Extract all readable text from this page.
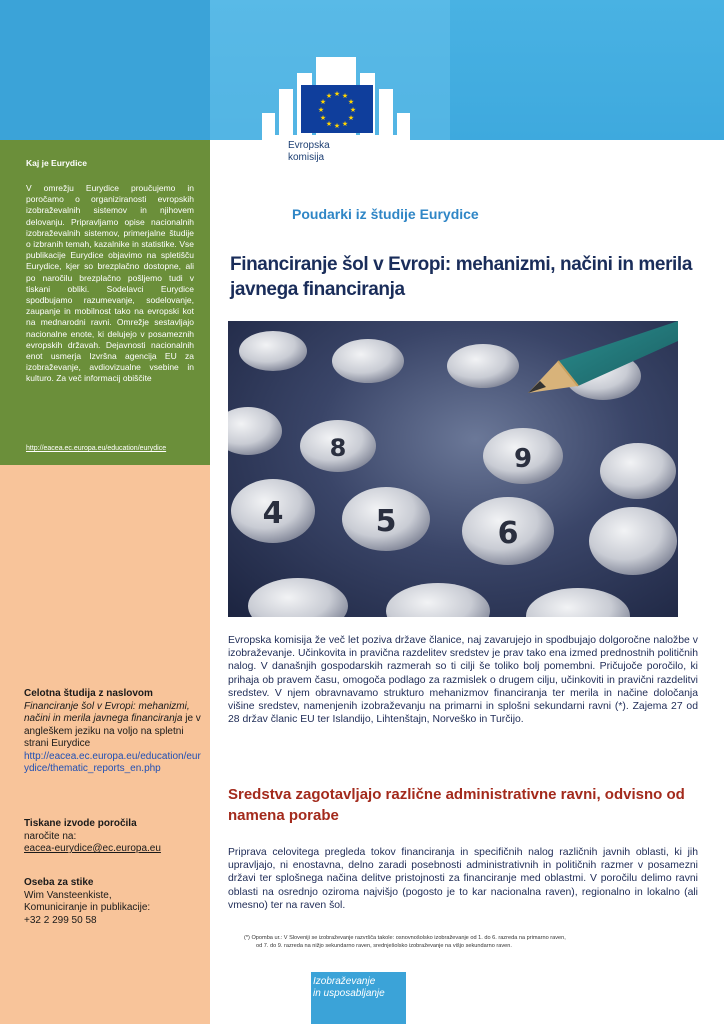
★ ★
★
★
★
★
★
★
★
★
★
★
Evropska
komisija
Kaj je Eurydice
V omrežju Eurydice proučujemo in poročamo o organiziranosti evropskih izobraževalnih sistemov in njihovem delovanju. Pripravljamo opise nacionalnih izobraževalnih sistemov, primerjalne študije o izbranih temah, kazalnike in statistike. Vse publikacije Eurydice objavimo na spletišču Eurydice, kjer so brezplačno dostopne, ali po naročilu brezplačno pošljemo tudi v tiskani obliki. Sodelavci Eurydice spodbujamo razumevanje, sodelovanje, zaupanje in mobilnost tako na evropski kot na mednarodni ravni. Omrežje sestavljajo nacionalne enote, ki delujejo v posameznih evropskih državah. Dejavnosti nacionalnih enot usmerja Izvršna agencija EU za izobraževanje, avdiovizualne vsebine in kulturo. Za več informacij obiščite
http://eacea.ec.europa.eu/education/eurydice
Celotna študija z naslovom
Financiranje šol v Evropi: mehanizmi, načini in merila javnega financiranja je v angleškem jeziku na voljo na spletni strani Eurydice
http://eacea.ec.europa.eu/education/eurydice/thematic_reports_en.php
Tiskane izvode poročila
naročite na:
eacea-eurydice@ec.europa.eu
Oseba za stike
Wim Vansteenkiste,
Komuniciranje in publikacije:
+32 2 299 50 58
Poudarki iz študije Eurydice
Financiranje šol v Evropi: mehanizmi, načini in merila javnega financiranja
8	9
4	5	6
Evropska komisija že več let poziva države članice, naj zavarujejo in spodbujajo dolgoročne naložbe v izobraževanje. Učinkovita in pravična razdelitev sredstev je prav tako ena izmed prednostnih političnih nalog. V današnjih gospodarskih razmerah so ti cilji še toliko bolj pomembni. Pričujoče poročilo, ki prihaja ob pravem času, omogoča podlago za razmislek o drugem cilju, učinkoviti in pravični razdelitvi sredstev. V njem obravnavamo strukturo mehanizmov financiranja ter merila in načine določanja višine sredstev, namenjenih izobraževanju na primarni in splošni sekundarni ravni (*). Zajema 27 od 28 držav članic EU ter Islandijo, Lihtenštajn, Norveško in Turčijo.
Sredstva zagotavljajo različne administrativne ravni, odvisno od namena porabe
Priprava celovitega pregleda tokov financiranja in specifičnih nalog različnih javnih oblasti, ki jih upravljajo, ni enostavna, delno zaradi posebnosti administrativnih in političnih razmer v posamezni državi ter splošnega načina delitve pristojnosti za financiranje med oblastmi. V poročilu delimo ravni oblasti na osrednjo oziroma najvišjo (pogosto je to kar nacionalna raven), regionalno in lokalno (ali vmesno) ter na raven šol.
(*) Opomba ur.: V Sloveniji se izobraževanje razvršča takole: osnovnošolsko izobraževanje od 1. do 6. razreda na primarno raven,
od 7. do 9. razreda na nižjo sekundarno raven, srednješolsko izobraževanje na višjo sekundarno raven.
Izobraževanje
in usposabljanje
